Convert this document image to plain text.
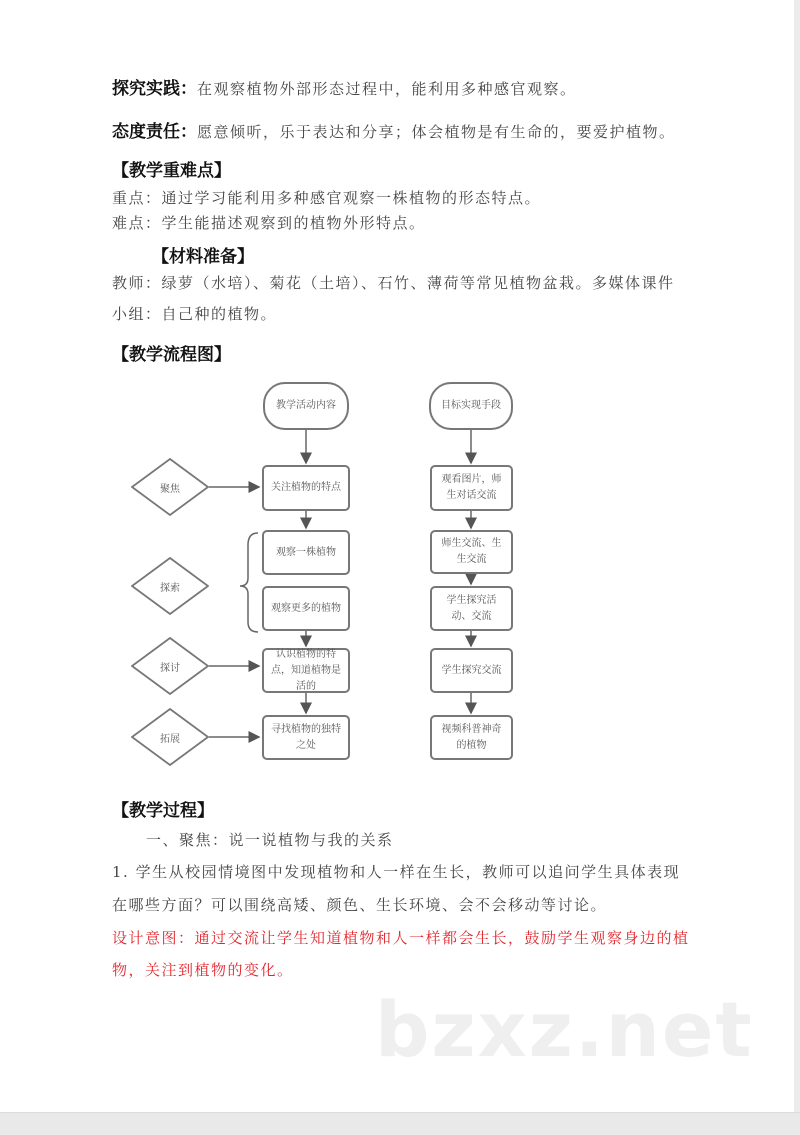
探究实践：在观察植物外部形态过程中，能利用多种感官观察。
态度责任：愿意倾听，乐于表达和分享；体会植物是有生命的，要爱护植物。
【教学重难点】
重点：通过学习能利用多种感官观察一株植物的形态特点。
难点：学生能描述观察到的植物外形特点。
【材料准备】
教师：绿萝（水培）、菊花（土培）、石竹、薄荷等常见植物盆栽。多媒体课件
小组：自己种的植物。
【教学流程图】
教学活动内容	目标实现手段
关注植物的特点
观察一株植物
观察更多的植物
认识植物的特点，知道植物是活的
寻找植物的独特之处
观看图片，师生对话交流
师生交流、生生交流
学生探究活动、交流
学生探究交流
视频科普神奇的植物
聚焦
探索
探讨
拓展
【教学过程】
一、聚焦：说一说植物与我的关系
1. 学生从校园情境图中发现植物和人一样在生长，教师可以追问学生具体表现
在哪些方面？可以围绕高矮、颜色、生长环境、会不会移动等讨论。
设计意图：通过交流让学生知道植物和人一样都会生长，鼓励学生观察身边的植
物，关注到植物的变化。
bzxz.net
